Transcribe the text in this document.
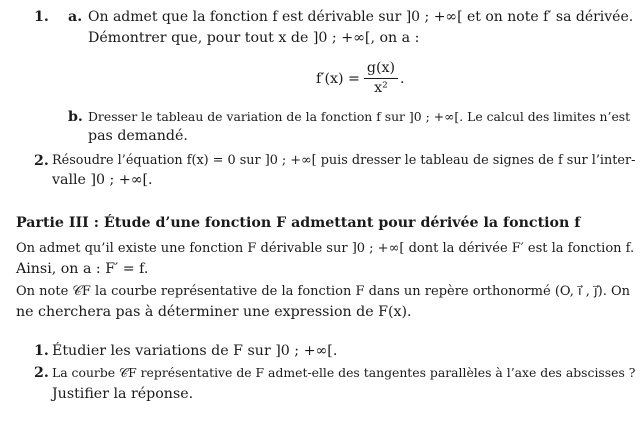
1. a. On admet que la fonction f est dérivable sur ]0 ; +∞[ et on note f′ sa dérivée.
Démontrer que, pour tout x de ]0 ; +∞[, on a :
f′(x) =
g(x)
x²
.
b. Dresser le tableau de variation de la fonction f sur ]0 ; +∞[. Le calcul des limites n’est
pas demandé.
2. Résoudre l’équation f(x) = 0 sur ]0 ; +∞[ puis dresser le tableau de signes de f sur l’inter-
valle ]0 ; +∞[.
Partie III : Étude d’une fonction F admettant pour dérivée la fonction f
On admet qu’il existe une fonction F dérivable sur ]0 ; +∞[ dont la dérivée F′ est la fonction f.
Ainsi, on a : F′ = f.
On note 𝒞F la courbe représentative de la fonction F dans un repère orthonormé (O, ı⃗ , ȷ⃗). On
ne cherchera pas à déterminer une expression de F(x).
1. Étudier les variations de F sur ]0 ; +∞[.
2. La courbe 𝒞F représentative de F admet-elle des tangentes parallèles à l’axe des abscisses ?
Justifier la réponse.
